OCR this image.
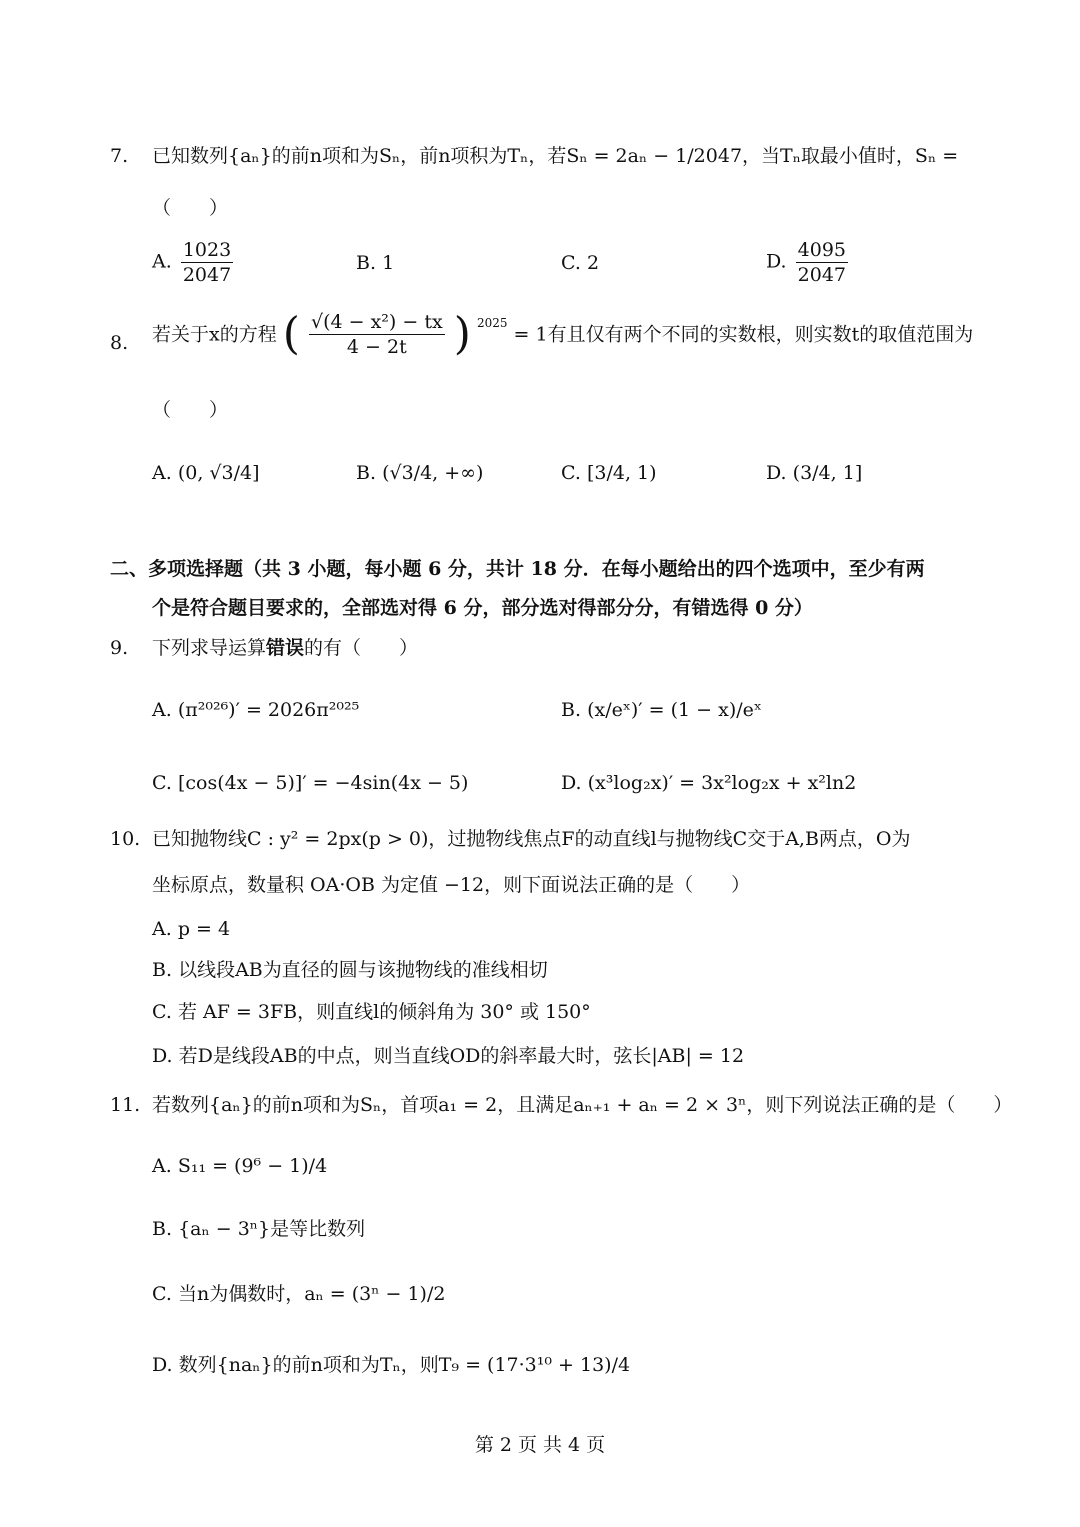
7. 已知数列{aₙ}的前n项和为Sₙ，前n项积为Tₙ，若Sₙ = 2aₙ − 1/2047，当Tₙ取最小值时，Sₙ =
（　　）
A. $\frac{1023}{2047}$	B. 1	C. 2	D. $\frac{4095}{2047}$
8. 若关于x的方程 ( $\frac{\text{√(4 − x²) − tx}}{4 - 2t}$ ) $^{2025}$ = 1有且仅有两个不同的实数根，则实数t的取值范围为
（　　）
A. (0, √3/4]	B. (√3/4, +∞)	C. [3/4, 1)	D. (3/4, 1]
二、多项选择题（共 3 小题，每小题 6 分，共计 18 分．在每小题给出的四个选项中，至少有两
个是符合题目要求的，全部选对得 6 分，部分选对得部分分，有错选得 0 分）
9. 下列求导运算错误的有（　　）
A. (π²⁰²⁶)′ = 2026π²⁰²⁵	B. (x/eˣ)′ = (1 − x)/eˣ
C. [cos(4x − 5)]′ = −4sin(4x − 5)	D. (x³log₂x)′ = 3x²log₂x + x²ln2
10. 已知抛物线C : y² = 2px(p > 0)，过抛物线焦点F的动直线l与抛物线C交于A,B两点，O为
坐标原点，数量积 OA·OB 为定值 −12，则下面说法正确的是（　　）
A. p = 4
B. 以线段AB为直径的圆与该抛物线的准线相切
C. 若 AF = 3FB，则直线l的倾斜角为 30° 或 150°
D. 若D是线段AB的中点，则当直线OD的斜率最大时，弦长|AB| = 12
11. 若数列{aₙ}的前n项和为Sₙ，首项a₁ = 2，且满足aₙ₊₁ + aₙ = 2 × 3ⁿ，则下列说法正确的是（　　）
A. S₁₁ = (9⁶ − 1)/4
B. {aₙ − 3ⁿ}是等比数列
C. 当n为偶数时，aₙ = (3ⁿ − 1)/2
D. 数列{naₙ}的前n项和为Tₙ，则T₉ = (17·3¹⁰ + 13)/4
第 2 页 共 4 页
